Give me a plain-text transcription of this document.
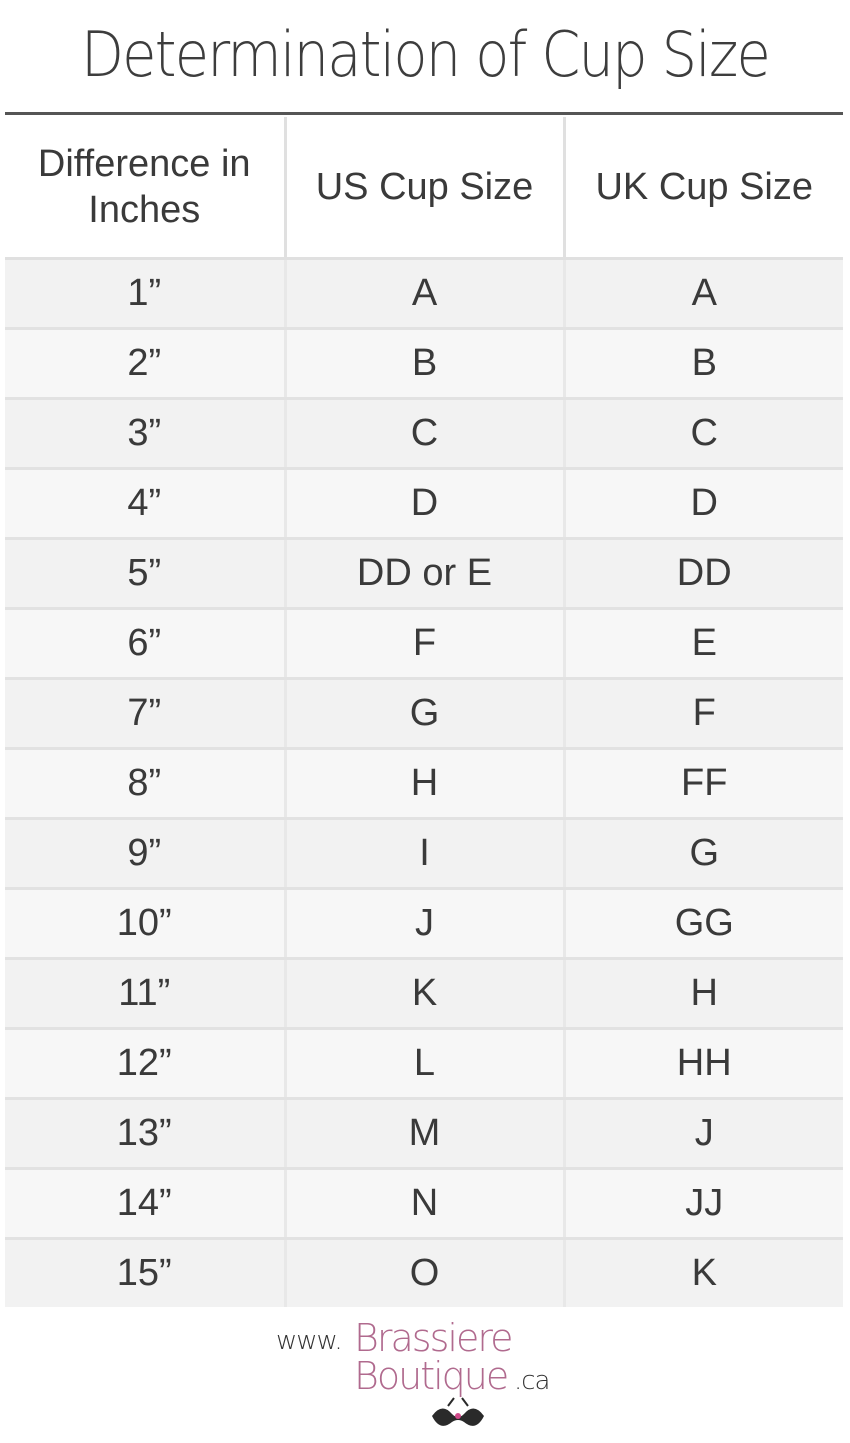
Determination of Cup Size
Difference in Inches	US Cup Size	UK Cup Size
1”	A	A
2”	B	B
3”	C	C
4”	D	D
5”	DD or E	DD
6”	F	E
7”	G	F
8”	H	FF
9”	I	G
10”	J	GG
11”	K	H
12”	L	HH
13”	M	J
14”	N	JJ
15”	O	K
www. Brassiere
Boutique .ca
